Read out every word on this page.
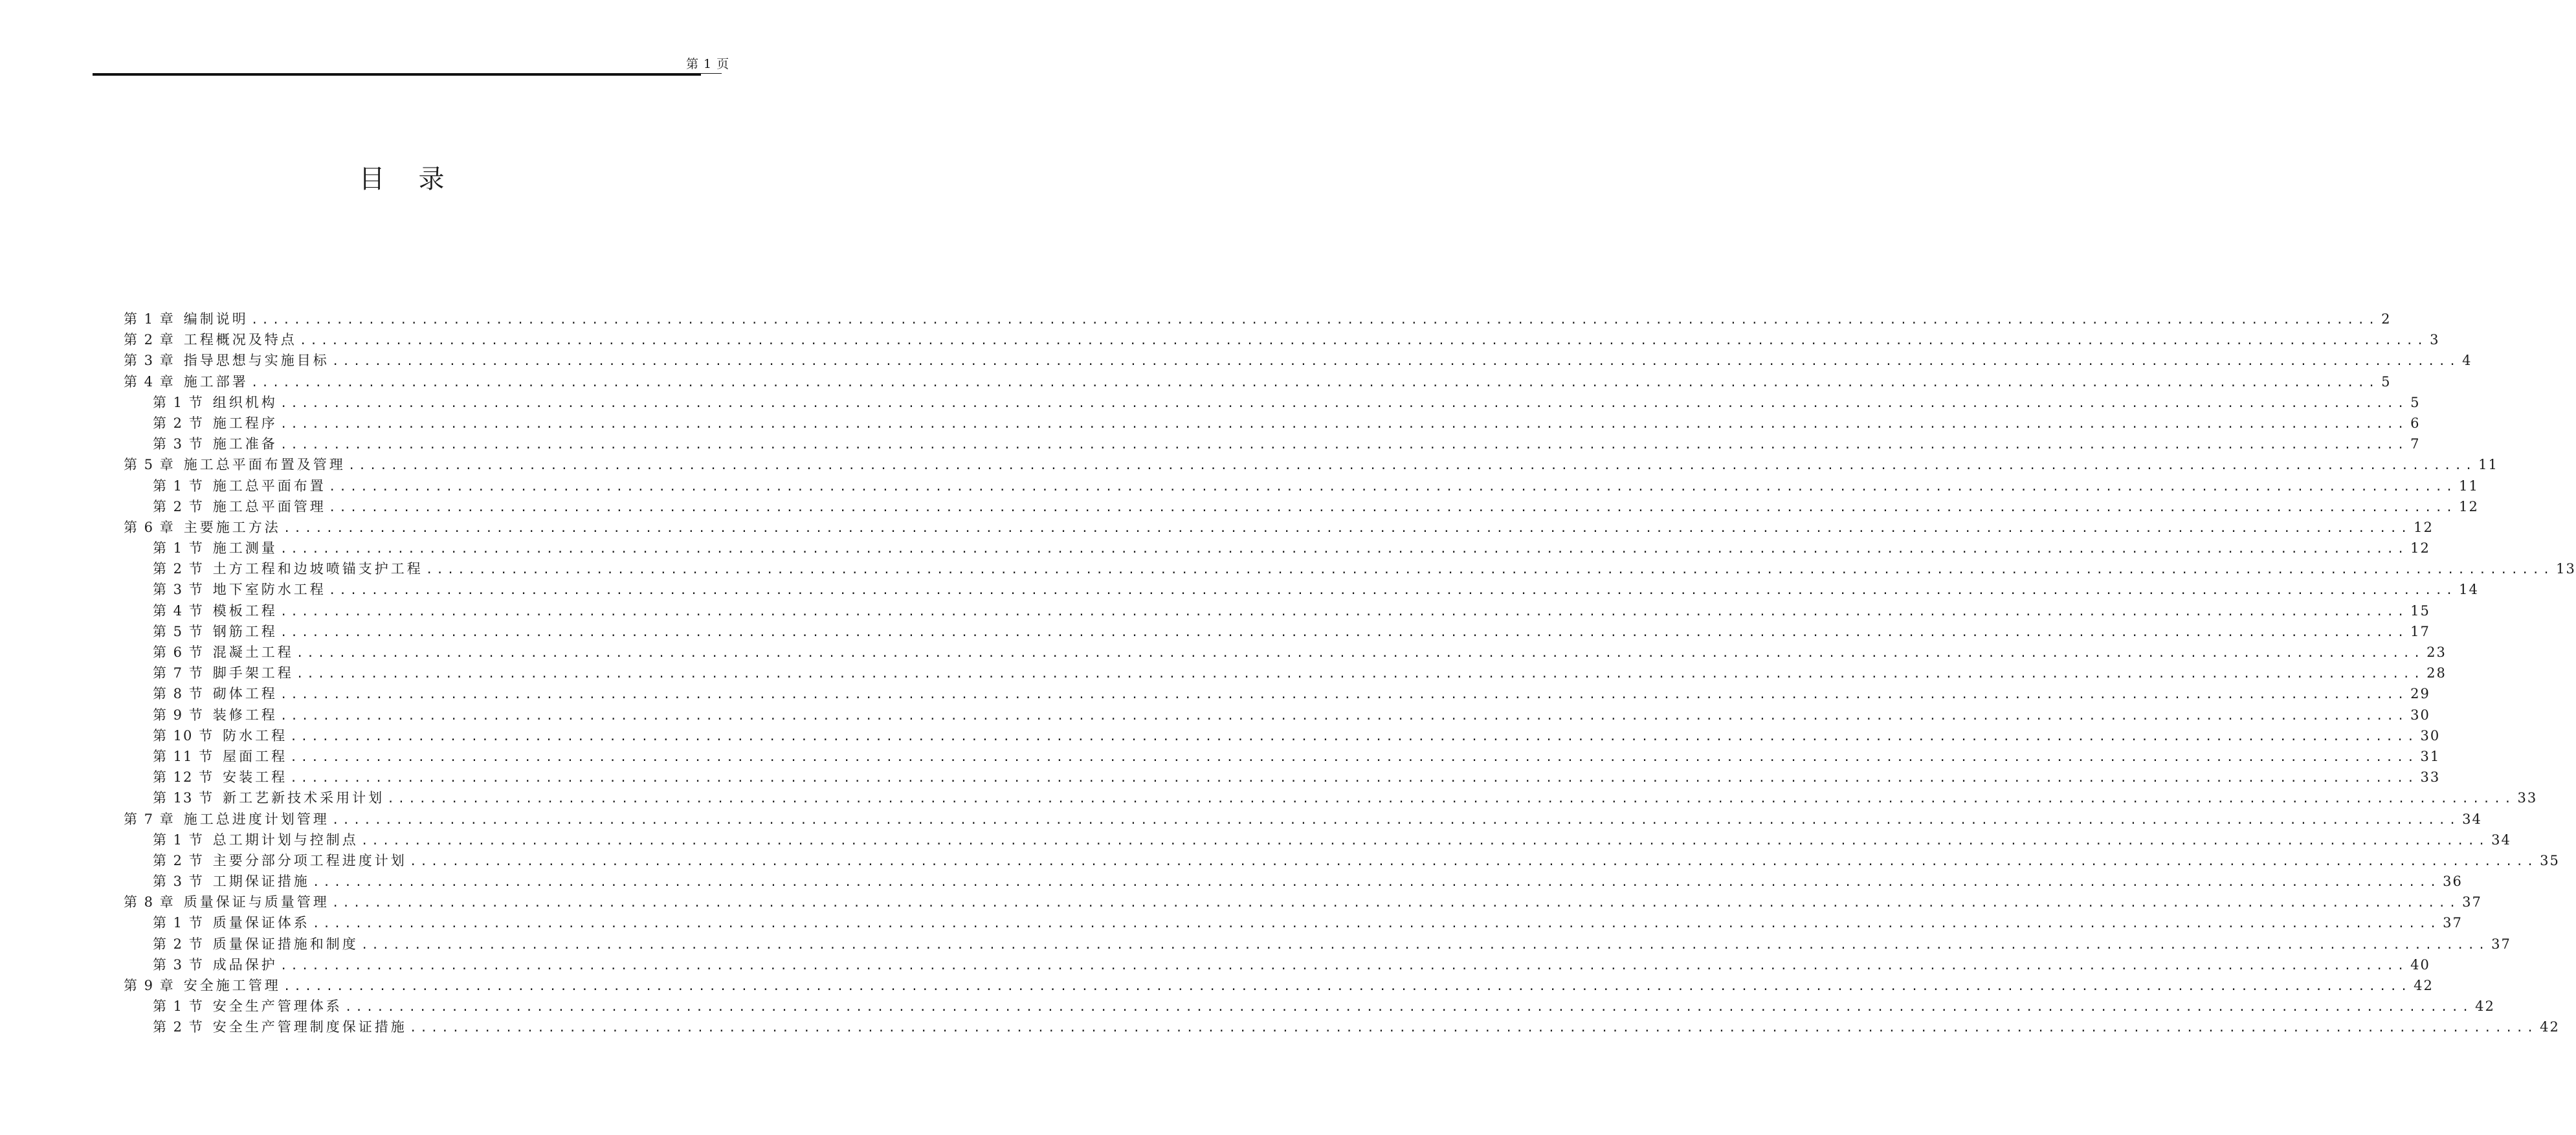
第 1 页
目录
第 1 章 编制说明 ........................................................................................................................................................................................................ 2
第 2 章 工程概况及特点 ........................................................................................................................................................................................................ 3
第 3 章 指导思想与实施目标 ........................................................................................................................................................................................................ 4
第 4 章 施工部署 ........................................................................................................................................................................................................ 5
第 1 节 组织机构 ........................................................................................................................................................................................................ 5
第 2 节 施工程序 ........................................................................................................................................................................................................ 6
第 3 节 施工准备 ........................................................................................................................................................................................................ 7
第 5 章 施工总平面布置及管理 ........................................................................................................................................................................................................ 11
第 1 节 施工总平面布置 ........................................................................................................................................................................................................ 11
第 2 节 施工总平面管理 ........................................................................................................................................................................................................ 12
第 6 章 主要施工方法 ........................................................................................................................................................................................................ 12
第 1 节 施工测量 ........................................................................................................................................................................................................ 12
第 2 节 土方工程和边坡喷锚支护工程 ........................................................................................................................................................................................................ 13
第 3 节 地下室防水工程 ........................................................................................................................................................................................................ 14
第 4 节 模板工程 ........................................................................................................................................................................................................ 15
第 5 节 钢筋工程 ........................................................................................................................................................................................................ 17
第 6 节 混凝土工程 ........................................................................................................................................................................................................ 23
第 7 节 脚手架工程 ........................................................................................................................................................................................................ 28
第 8 节 砌体工程 ........................................................................................................................................................................................................ 29
第 9 节 装修工程 ........................................................................................................................................................................................................ 30
第 10 节 防水工程 ........................................................................................................................................................................................................ 30
第 11 节 屋面工程 ........................................................................................................................................................................................................ 31
第 12 节 安装工程 ........................................................................................................................................................................................................ 33
第 13 节 新工艺新技术采用计划 ........................................................................................................................................................................................................ 33
第 7 章 施工总进度计划管理 ........................................................................................................................................................................................................ 34
第 1 节 总工期计划与控制点 ........................................................................................................................................................................................................ 34
第 2 节 主要分部分项工程进度计划 ........................................................................................................................................................................................................ 35
第 3 节 工期保证措施 ........................................................................................................................................................................................................ 36
第 8 章 质量保证与质量管理 ........................................................................................................................................................................................................ 37
第 1 节 质量保证体系 ........................................................................................................................................................................................................ 37
第 2 节 质量保证措施和制度 ........................................................................................................................................................................................................ 37
第 3 节 成品保护 ........................................................................................................................................................................................................ 40
第 9 章 安全施工管理 ........................................................................................................................................................................................................ 42
第 1 节 安全生产管理体系 ........................................................................................................................................................................................................ 42
第 2 节 安全生产管理制度保证措施 ........................................................................................................................................................................................................ 42
